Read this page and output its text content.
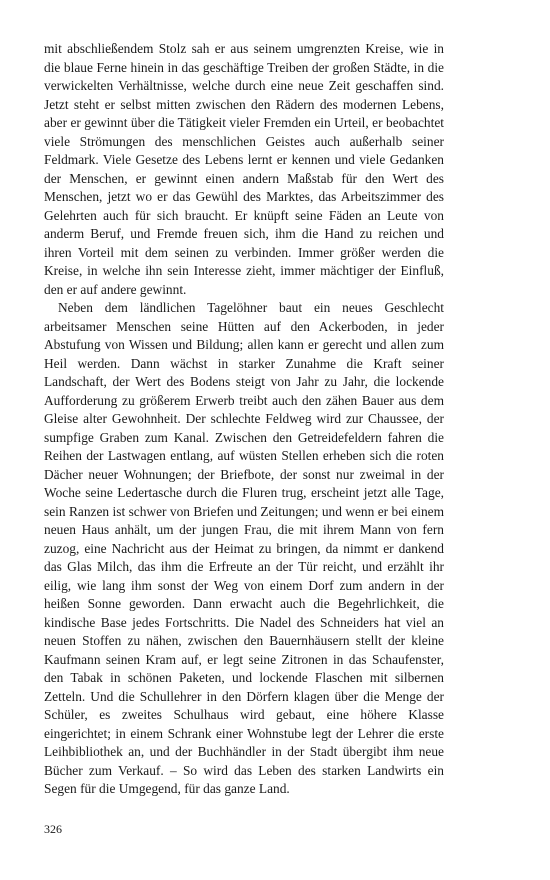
mit abschließendem Stolz sah er aus seinem umgrenzten Kreise, wie in die blaue Ferne hinein in das geschäftige Treiben der großen Städte, in die verwickelten Verhältnisse, welche durch eine neue Zeit geschaffen sind. Jetzt steht er selbst mitten zwischen den Rädern des modernen Lebens, aber er gewinnt über die Tätigkeit vieler Fremden ein Urteil, er beobachtet viele Strömungen des menschlichen Geistes auch außerhalb seiner Feldmark. Viele Gesetze des Lebens lernt er kennen und viele Gedanken der Menschen, er gewinnt einen andern Maßstab für den Wert des Menschen, jetzt wo er das Gewühl des Marktes, das Arbeitszimmer des Gelehrten auch für sich braucht. Er knüpft seine Fäden an Leute von anderm Beruf, und Fremde freuen sich, ihm die Hand zu reichen und ihren Vorteil mit dem seinen zu verbinden. Immer größer werden die Kreise, in welche ihn sein Interesse zieht, immer mächtiger der Einfluß, den er auf andere gewinnt.

Neben dem ländlichen Tagelöhner baut ein neues Geschlecht arbeitsamer Menschen seine Hütten auf den Ackerboden, in jeder Abstufung von Wissen und Bildung; allen kann er gerecht und allen zum Heil werden. Dann wächst in starker Zunahme die Kraft seiner Landschaft, der Wert des Bodens steigt von Jahr zu Jahr, die lockende Aufforderung zu größerem Erwerb treibt auch den zähen Bauer aus dem Gleise alter Gewohnheit. Der schlechte Feldweg wird zur Chaussee, der sumpfige Graben zum Kanal. Zwischen den Getreidefeldern fahren die Reihen der Lastwagen entlang, auf wüsten Stellen erheben sich die roten Dächer neuer Wohnungen; der Briefbote, der sonst nur zweimal in der Woche seine Ledertasche durch die Fluren trug, erscheint jetzt alle Tage, sein Ranzen ist schwer von Briefen und Zeitungen; und wenn er bei einem neuen Haus anhält, um der jungen Frau, die mit ihrem Mann von fern zuzog, eine Nachricht aus der Heimat zu bringen, da nimmt er dankend das Glas Milch, das ihm die Erfreute an der Tür reicht, und erzählt ihr eilig, wie lang ihm sonst der Weg von einem Dorf zum andern in der heißen Sonne geworden. Dann erwacht auch die Begehrlichkeit, die kindische Base jedes Fortschritts. Die Nadel des Schneiders hat viel an neuen Stoffen zu nähen, zwischen den Bauernhäusern stellt der kleine Kaufmann seinen Kram auf, er legt seine Zitronen in das Schaufenster, den Tabak in schönen Paketen, und lockende Flaschen mit silbernen Zetteln. Und die Schullehrer in den Dörfern klagen über die Menge der Schüler, es zweites Schulhaus wird gebaut, eine höhere Klasse eingerichtet; in einem Schrank einer Wohnstube legt der Lehrer die erste Leihbibliothek an, und der Buchhändler in der Stadt übergibt ihm neue Bücher zum Verkauf. – So wird das Leben des starken Landwirts ein Segen für die Umgegend, für das ganze Land.

326
